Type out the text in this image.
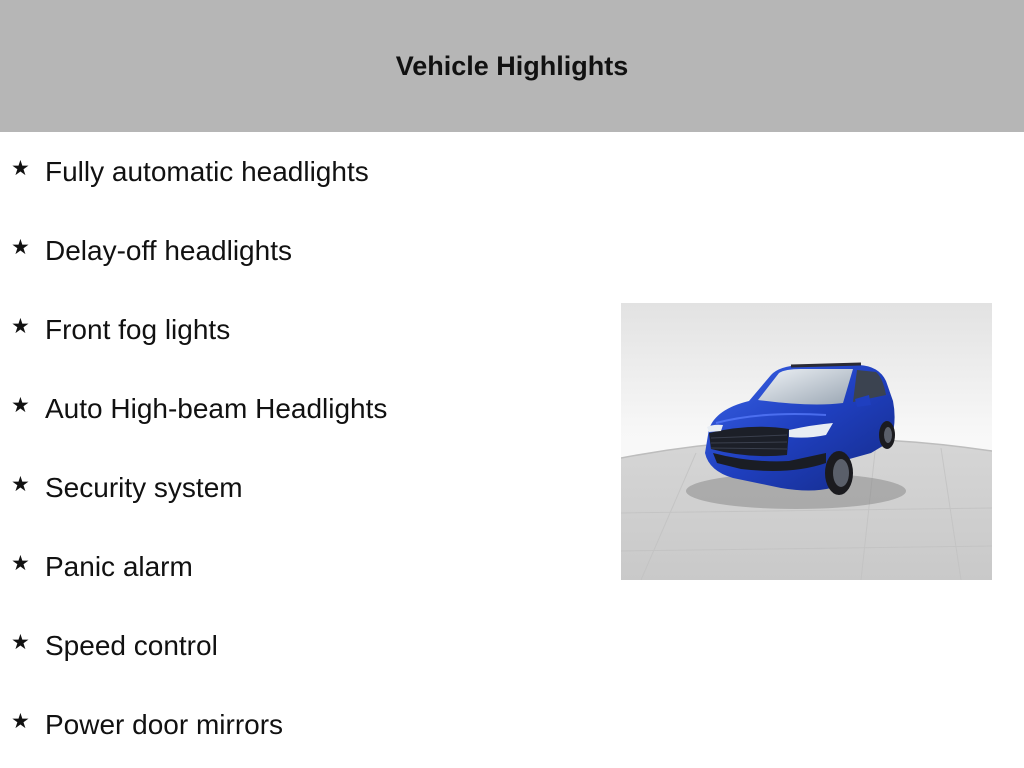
Vehicle Highlights
★ Fully automatic headlights
★ Delay-off headlights
★ Front fog lights
★ Auto High-beam Headlights
★ Security system
★ Panic alarm
★ Speed control
★ Power door mirrors
